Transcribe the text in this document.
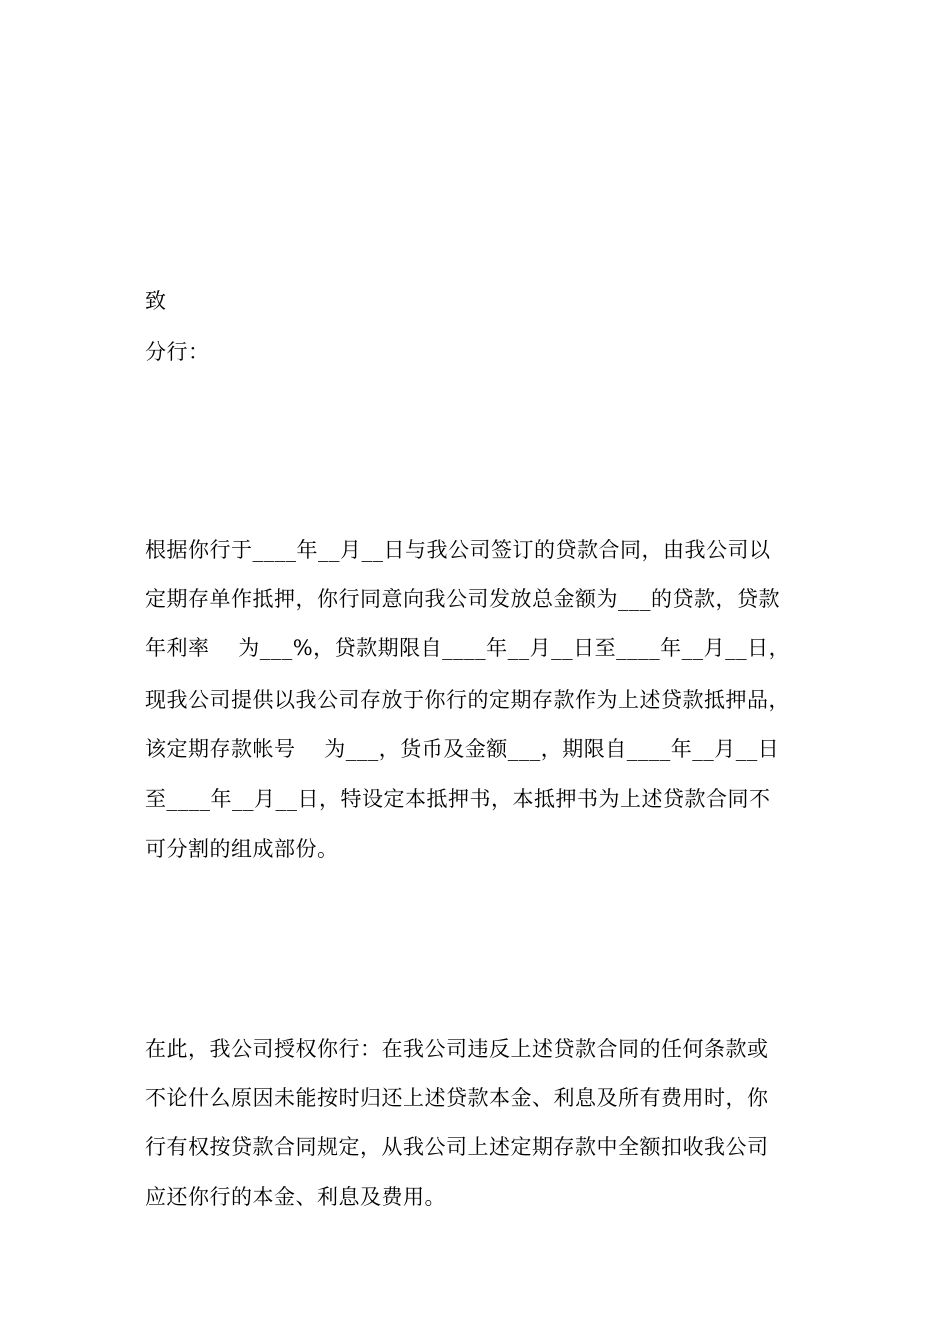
致
分行：
根据你行于____年__月__日与我公司签订的贷款合同，由我公司以
定期存单作抵押，你行同意向我公司发放总金额为___的贷款，贷款
年利率    为___%，贷款期限自____年__月__日至____年__月__日，
现我公司提供以我公司存放于你行的定期存款作为上述贷款抵押品，
该定期存款帐号    为___，货币及金额___，期限自____年__月__日
至____年__月__日，特设定本抵押书，本抵押书为上述贷款合同不
可分割的组成部份。
在此，我公司授权你行：在我公司违反上述贷款合同的任何条款或
不论什么原因未能按时归还上述贷款本金、利息及所有费用时，你
行有权按贷款合同规定，从我公司上述定期存款中全额扣收我公司
应还你行的本金、利息及费用。
